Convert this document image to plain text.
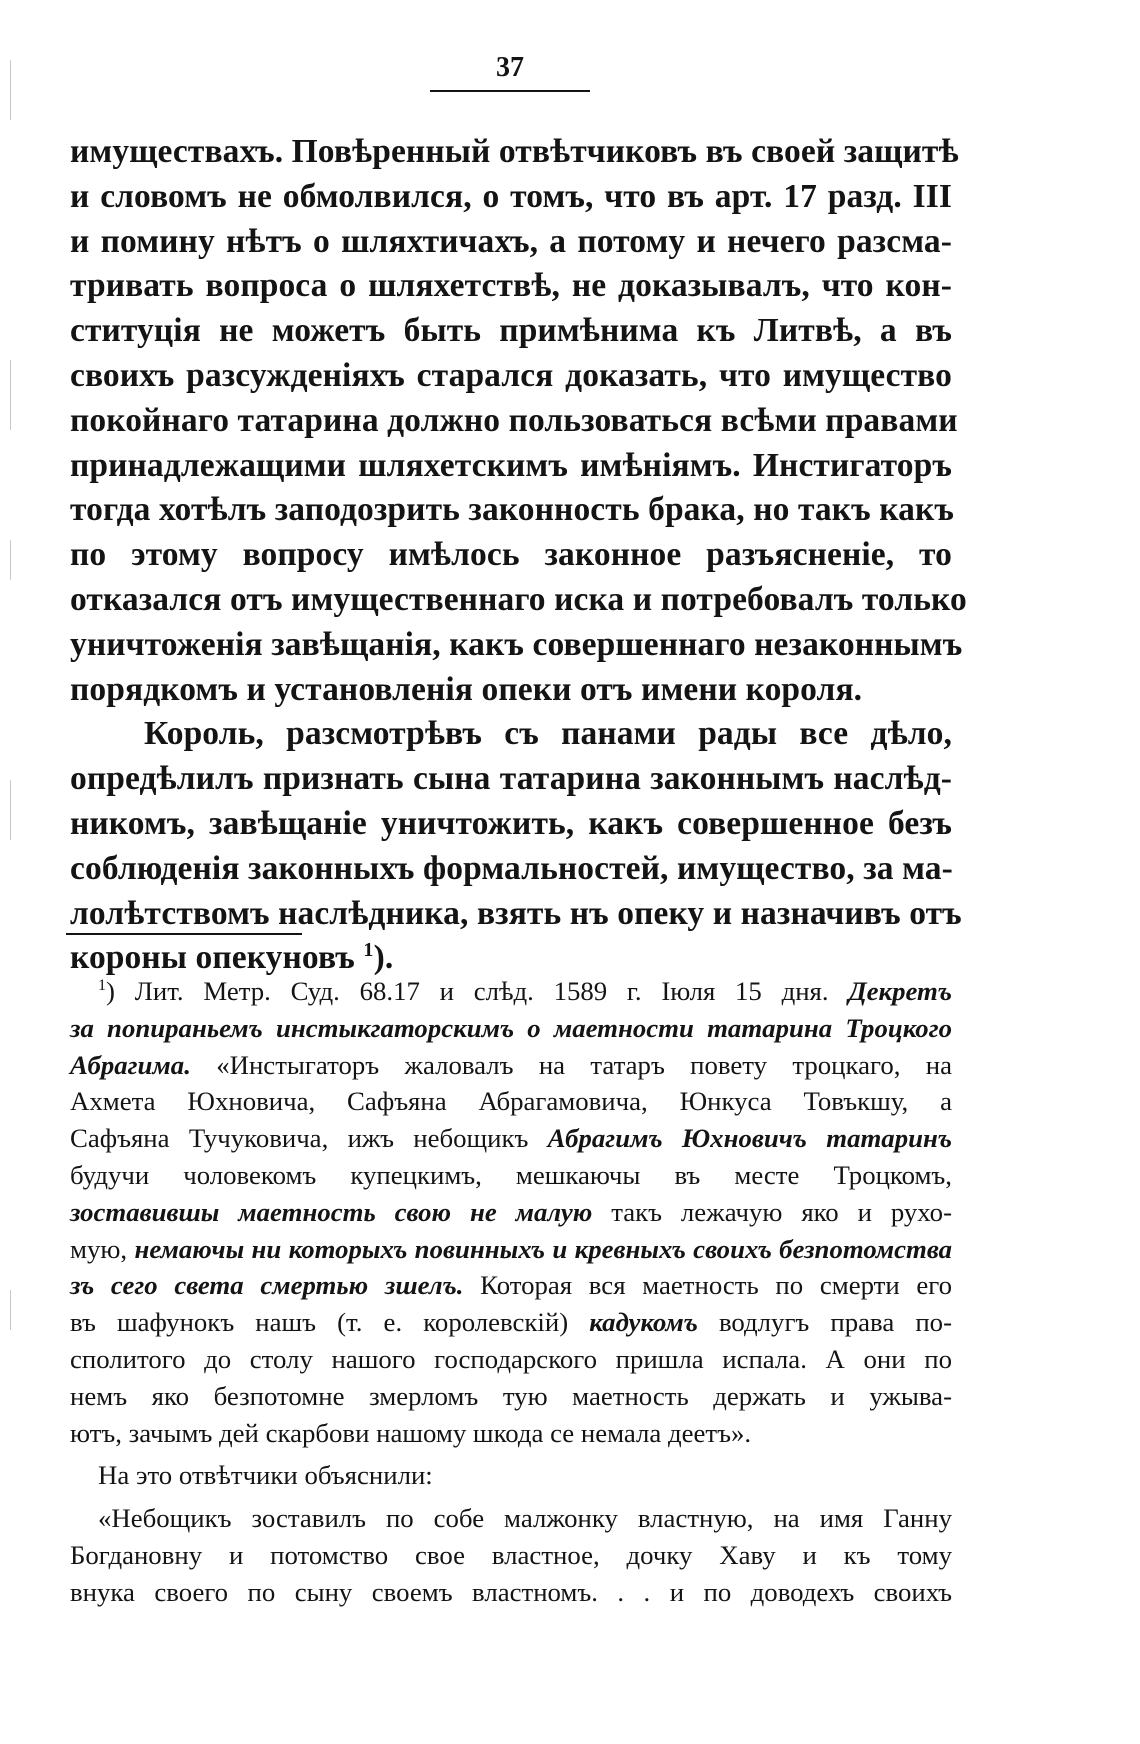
37
имуществахъ. Повѣренный отвѣтчиковъ въ своей защитѣ
и словомъ не обмолвился, о томъ, что въ арт. 17 разд. III
и помину нѣтъ о шляхтичахъ, а потому и нечего разсма-
тривать вопроса о шляхетствѣ, не доказывалъ, что кон-
ституція не можетъ быть примѣнима къ Литвѣ, а въ
своихъ разсужденіяхъ старался доказать, что имущество
покойнаго татарина должно пользоваться всѣми правами
принадлежащими шляхетскимъ имѣніямъ. Инстигаторъ
тогда хотѣлъ заподозрить законность брака, но такъ какъ
по этому вопросу имѣлось законное разъясненіе, то
отказался отъ имущественнаго иска и потребовалъ только
уничтоженія завѣщанія, какъ совершеннаго незаконнымъ
порядкомъ и установленія опеки отъ имени короля.
Король, разсмотрѣвъ съ панами рады все дѣло,
опредѣлилъ признать сына татарина законнымъ наслѣд-
никомъ, завѣщаніе уничтожить, какъ совершенное безъ
соблюденія законныхъ формальностей, имущество, за ма-
лолѣтствомъ наслѣдника, взять нъ опеку и назначивъ отъ
короны опекуновъ $^1$).
$^1$) Лит. Метр. Суд. 68.17 и слѣд. 1589 г. Іюля 15 дня. Декретъ
за попираньемъ инстыкгаторскимъ о маетности татарина Троцкого
Абрагима. «Инстыгаторъ жаловалъ на татаръ повету троцкаго, на
Ахмета Юхновича, Сафъяна Абрагамовича, Юнкуса Товъкшу, а
Сафъяна Тучуковича, ижъ небощикъ Абрагимъ Юхновичъ татаринъ
будучи чоловекомъ купецкимъ, мешкаючы въ месте Троцкомъ,
зоставившы маетность свою не малую такъ лежачую яко и рухо-
мую, немаючы ни которыхъ повинныхъ и кревныхъ своихъ безпотомства
зъ сего света смертью зшелъ. Которая вся маетность по смерти его
въ шафунокъ нашъ (т. е. королевскій) кадукомъ водлугъ права по-
сполитого до столу нашого господарского пришла испала. А они по
немъ яко безпотомне змерломъ тую маетность держать и ужыва-
ютъ, зачымъ дей скарбови нашому шкода се немала деетъ».
На это отвѣтчики объяснили:
«Небощикъ зоставилъ по собе малжонку властную, на имя Ганну
Богдановну и потомство свое властное, дочку Хаву и къ тому
внука своего по сыну своемъ властномъ. . . и по доводехъ своихъ
